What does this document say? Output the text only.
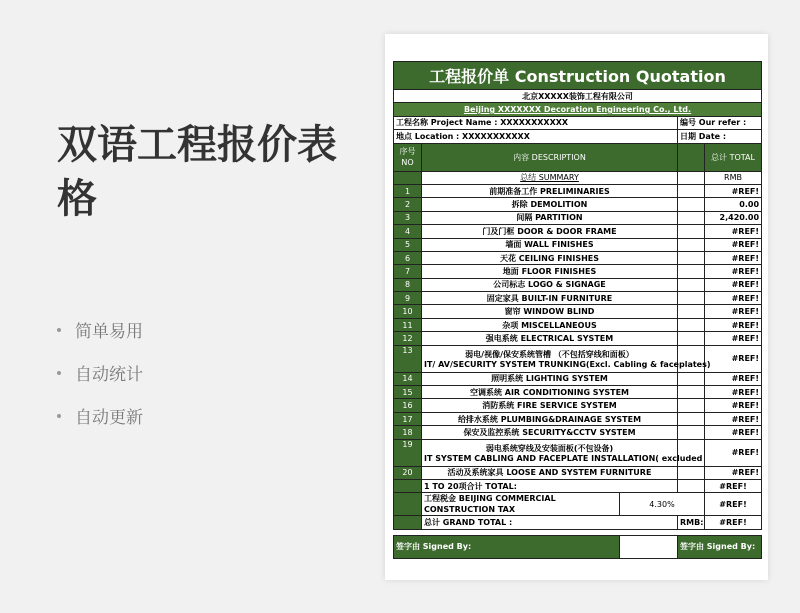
双语工程报价表格
简单易用
自动统计
自动更新
工程报价单 Construction Quotation				
北京XXXXX装饰工程有限公司				
Beijing XXXXXXX Decoration Engineering Co., Ltd.				
工程名称 Project Name : XXXXXXXXXXX			编号 Our refer :	
地点 Location : XXXXXXXXXXX			日期 Date :	
序号 NO	内容 DESCRIPTION			总计 TOTAL
	总结 SUMMARY			RMB
1	前期准备工作 PRELIMINARIES			#REF!
2	拆除 DEMOLITION			0.00
3	间隔 PARTITION			2,420.00
4	门及门框 DOOR & DOOR FRAME			#REF!
5	墙面 WALL FINISHES			#REF!
6	天花 CEILING FINISHES			#REF!
7	地面 FLOOR FINISHES			#REF!
8	公司标志 LOGO & SIGNAGE			#REF!
9	固定家具 BUILT-IN FURNITURE			#REF!
10	窗帘 WINDOW BLIND			#REF!
11	杂项 MISCELLANEOUS			#REF!
12	强电系统 ELECTRICAL SYSTEM			#REF!
13	弱电/视像/保安系统管槽 （不包括穿线和面板）
IT/ AV/SECURITY SYSTEM TRUNKING(Excl. Cabling & faceplates)			#REF!
14	照明系统 LIGHTING SYSTEM			#REF!
15	空调系统 AIR CONDITIONING SYSTEM			#REF!
16	消防系统 FIRE SERVICE SYSTEM			#REF!
17	给排水系统 PLUMBING&DRAINAGE SYSTEM			#REF!
18	保安及监控系统 SECURITY&CCTV SYSTEM			#REF!
19	弱电系统穿线及安装面板(不包设备)
IT SYSTEM CABLING AND FACEPLATE INSTALLATION( excluded			#REF!
20	活动及系统家具 LOOSE AND SYSTEM FURNITURE			#REF!
	1 TO 20项合计 TOTAL:			#REF!
	工程税金 BEIJING COMMERCIAL CONSTRUCTION TAX	4.30%		#REF!
	总计 GRAND TOTAL :		RMB:	#REF!

签字由 Signed By:			签字由 Signed By:	
